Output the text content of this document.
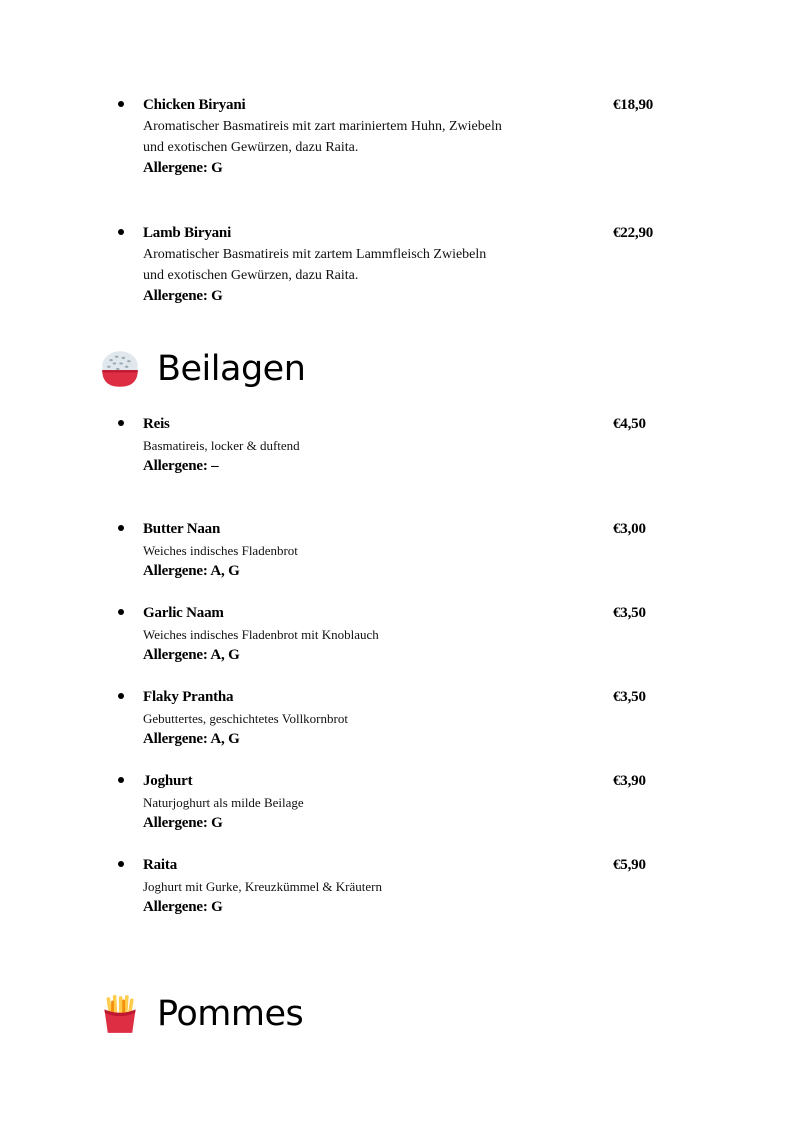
Chicken Biryani	€18,90
Aromatischer Basmatireis mit zart mariniertem Huhn, Zwiebeln
und exotischen Gewürzen, dazu Raita.
Allergene: G
Lamb Biryani	€22,90
Aromatischer Basmatireis mit zartem Lammfleisch Zwiebeln
und exotischen Gewürzen, dazu Raita.
Allergene: G
Beilagen
Reis	€4,50
Basmatireis, locker & duftend
Allergene: –
Butter Naan	€3,00
Weiches indisches Fladenbrot
Allergene: A, G
Garlic Naam	€3,50
Weiches indisches Fladenbrot mit Knoblauch
Allergene: A, G
Flaky Prantha	€3,50
Gebuttertes, geschichtetes Vollkornbrot
Allergene: A, G
Joghurt	€3,90
Naturjoghurt als milde Beilage
Allergene: G
Raita	€5,90
Joghurt mit Gurke, Kreuzkümmel & Kräutern
Allergene: G
Pommes
